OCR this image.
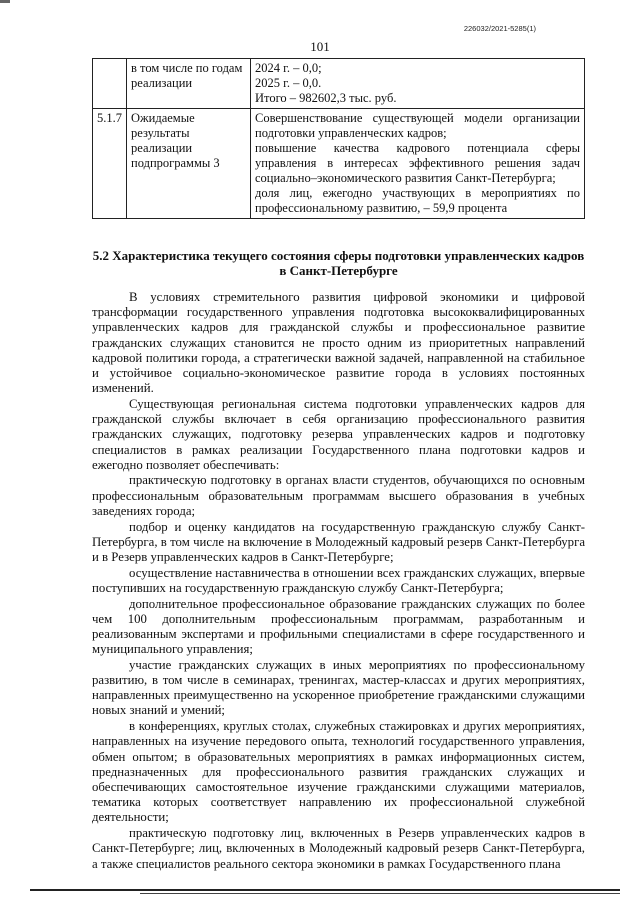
226032/2021-5285(1)
101
	в том числе по годам реализации	2024 г. – 0,0;
2025 г. – 0,0.
Итого – 982602,3 тыс. руб.

5.1.7	Ожидаемые результаты реализации подпрограммы 3	Совершенствование существующей модели организации подготовки управленческих кадров;
повышение качества кадрового потенциала сферы управления в интересах эффективного решения задач социально–экономического развития Санкт-Петербурга;
доля лиц, ежегодно участвующих в мероприятиях по профессиональному развитию, – 59,9 процента
5.2 Характеристика текущего состояния сферы подготовки управленческих кадров в Санкт-Петербурге

В условиях стремительного развития цифровой экономики и цифровой трансформации государственного управления подготовка высококвалифицированных управленческих кадров для гражданской службы и профессиональное развитие гражданских служащих становится не просто одним из приоритетных направлений кадровой политики города, а стратегически важной задачей, направленной на стабильное и устойчивое социально-экономическое развитие города в условиях постоянных изменений.

Существующая региональная система подготовки управленческих кадров для гражданской службы включает в себя организацию профессионального развития гражданских служащих, подготовку резерва управленческих кадров и подготовку специалистов в рамках реализации Государственного плана подготовки кадров и ежегодно позволяет обеспечивать:

практическую подготовку в органах власти студентов, обучающихся по основным профессиональным образовательным программам высшего образования в учебных заведениях города;

подбор и оценку кандидатов на государственную гражданскую службу Санкт-Петербурга, в том числе на включение в Молодежный кадровый резерв Санкт-Петербурга и в Резерв управленческих кадров в Санкт-Петербурге;

осуществление наставничества в отношении всех гражданских служащих, впервые поступивших на государственную гражданскую службу Санкт-Петербурга;

дополнительное профессиональное образование гражданских служащих по более чем 100 дополнительным профессиональным программам, разработанным и реализованным экспертами и профильными специалистами в сфере государственного и муниципального управления;

участие гражданских служащих в иных мероприятиях по профессиональному развитию, в том числе в семинарах, тренингах, мастер-классах и других мероприятиях, направленных преимущественно на ускоренное приобретение гражданскими служащими новых знаний и умений;

в конференциях, круглых столах, служебных стажировках и других мероприятиях, направленных на изучение передового опыта, технологий государственного управления, обмен опытом; в образовательных мероприятиях в рамках информационных систем, предназначенных для профессионального развития гражданских служащих и обеспечивающих самостоятельное изучение гражданскими служащими материалов, тематика которых соответствует направлению их профессиональной служебной деятельности;

практическую подготовку лиц, включенных в Резерв управленческих кадров в Санкт-Петербурге; лиц, включенных в Молодежный кадровый резерв Санкт-Петербурга, а также специалистов реального сектора экономики в рамках Государственного плана
